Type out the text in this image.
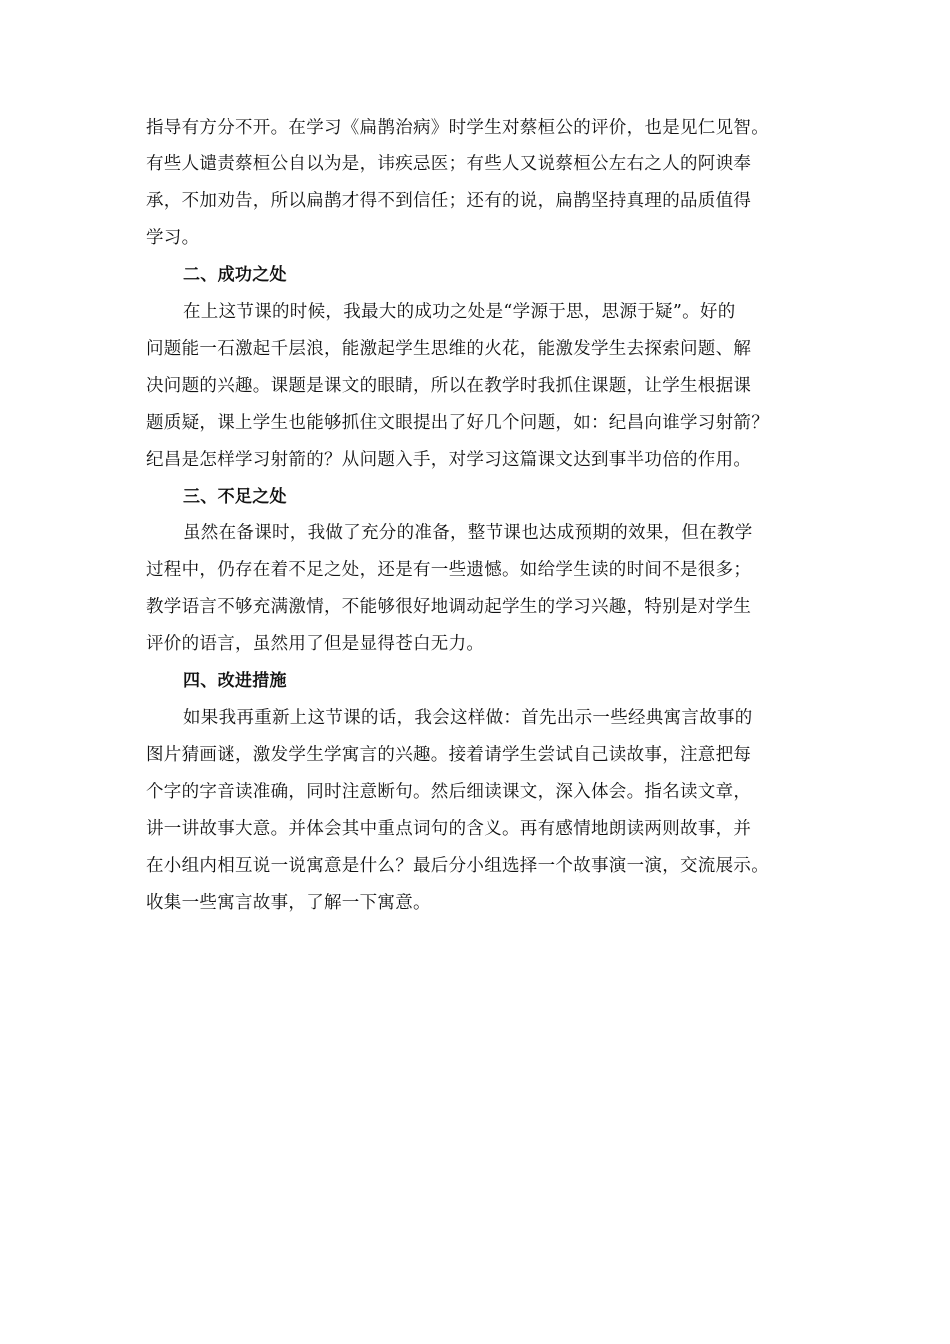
指导有方分不开。在学习《扁鹊治病》时学生对蔡桓公的评价，也是见仁见智。
有些人谴责蔡桓公自以为是，讳疾忌医；有些人又说蔡桓公左右之人的阿谀奉
承，不加劝告，所以扁鹊才得不到信任；还有的说，扁鹊坚持真理的品质值得
学习。
二、成功之处
在上这节课的时候，我最大的成功之处是“学源于思，思源于疑”。好的
问题能一石激起千层浪，能激起学生思维的火花，能激发学生去探索问题、解
决问题的兴趣。课题是课文的眼睛，所以在教学时我抓住课题，让学生根据课
题质疑，课上学生也能够抓住文眼提出了好几个问题，如：纪昌向谁学习射箭？
纪昌是怎样学习射箭的？从问题入手，对学习这篇课文达到事半功倍的作用。
三、不足之处
虽然在备课时，我做了充分的准备，整节课也达成预期的效果，但在教学
过程中，仍存在着不足之处，还是有一些遗憾。如给学生读的时间不是很多；
教学语言不够充满激情，不能够很好地调动起学生的学习兴趣，特别是对学生
评价的语言，虽然用了但是显得苍白无力。
四、改进措施
如果我再重新上这节课的话，我会这样做：首先出示一些经典寓言故事的
图片猜画谜，激发学生学寓言的兴趣。接着请学生尝试自己读故事，注意把每
个字的字音读准确，同时注意断句。然后细读课文，深入体会。指名读文章，
讲一讲故事大意。并体会其中重点词句的含义。再有感情地朗读两则故事，并
在小组内相互说一说寓意是什么？最后分小组选择一个故事演一演，交流展示。
收集一些寓言故事，了解一下寓意。
